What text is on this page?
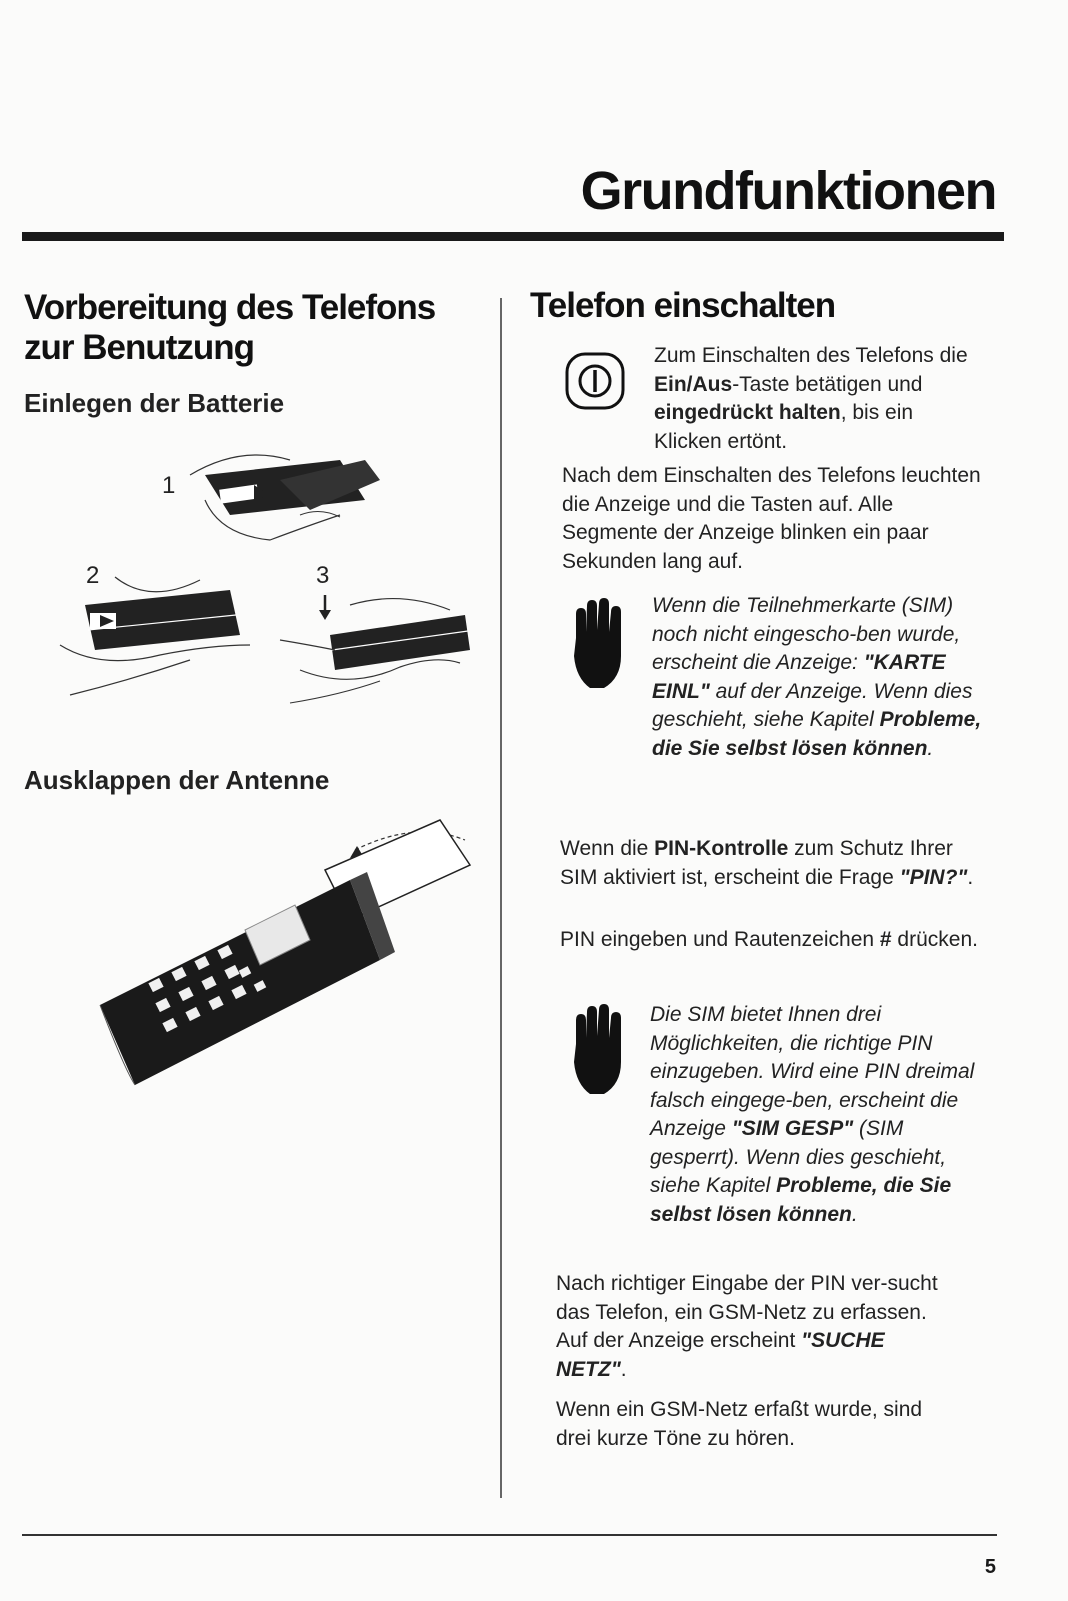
Grundfunktionen
Vorbereitung des Telefons
zur Benutzung
Einlegen der Batterie
1
2	3
Ausklappen der Antenne
Telefon einschalten
Zum Einschalten des Telefons die Ein/Aus-Taste betätigen und eingedrückt halten, bis ein Klicken ertönt.
Nach dem Einschalten des Telefons leuchten die Anzeige und die Tasten auf. Alle Segmente der Anzeige blinken ein paar Sekunden lang auf.
Wenn die Teilnehmerkarte (SIM) noch nicht eingescho-ben wurde, erscheint die Anzeige: "KARTE EINL" auf der Anzeige. Wenn dies geschieht, siehe Kapitel Probleme, die Sie selbst lösen können.
Wenn die PIN-Kontrolle zum Schutz Ihrer SIM aktiviert ist, erscheint die Frage "PIN?".
PIN eingeben und Rautenzeichen # drücken.
Die SIM bietet Ihnen drei Möglichkeiten, die richtige PIN einzugeben. Wird eine PIN dreimal falsch eingege-ben, erscheint die Anzeige "SIM GESP" (SIM gesperrt). Wenn dies geschieht, siehe Kapitel Probleme, die Sie selbst lösen können.
Nach richtiger Eingabe der PIN ver-sucht das Telefon, ein GSM-Netz zu erfassen. Auf der Anzeige erscheint "SUCHE NETZ".
Wenn ein GSM-Netz erfaßt wurde, sind drei kurze Töne zu hören.
5
